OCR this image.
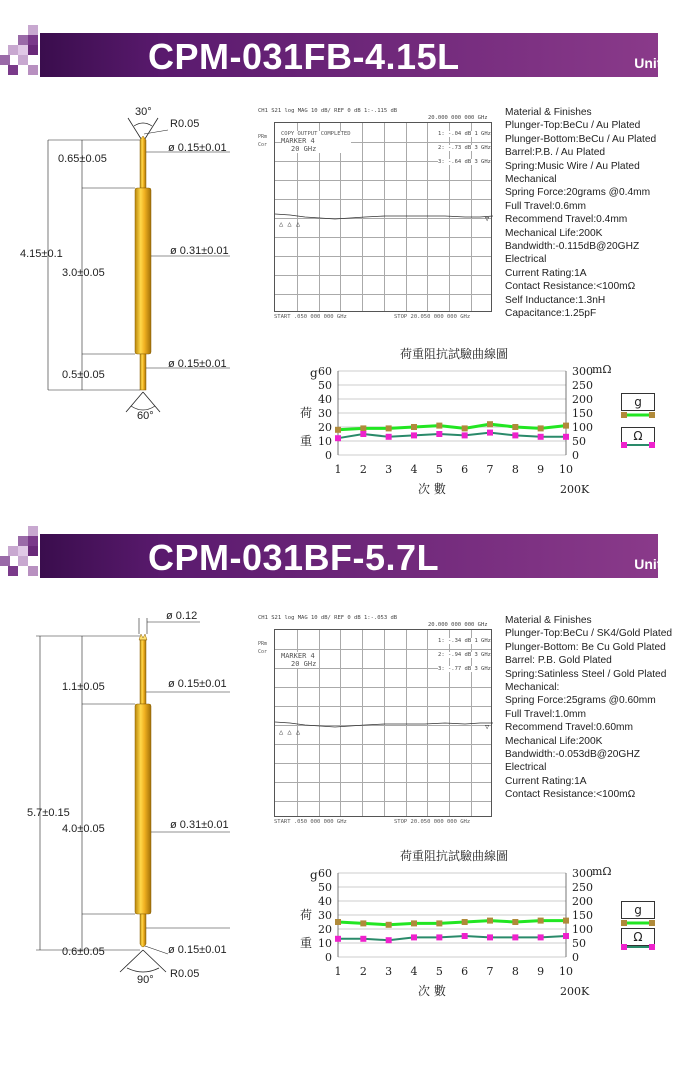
CPM-031FB-4.15L	Unit:mm
30°
R0.05
ø 0.15±0.01
0.65±0.05
ø 0.31±0.01
4.15±0.1
3.0±0.05
ø 0.15±0.01
0.5±0.05
60°
CH1 S21 log MAG 10 dB/ REF 0 dB 1:-.115 dB
20.000 000 000 GHz
PRm
Cor
△ △ △
▽
COPY OUTPUT COMPLETED
MARKER 4
20 GHz
1: -.04 dB 1 GHz
2: -.73 dB 3 GHz
3: -.64 dB 3 GHz
START .050 000 000 GHz	STOP 20.050 000 000 GHz
Material & Finishes
Plunger-Top:BeCu / Au Plated
Plunger-Bottom:BeCu / Au Plated
Barrel:P.B. / Au Plated
Spring:Music Wire / Au Plated
Mechanical
Spring Force:20grams @0.4mm
Full Travel:0.6mm
Recommend Travel:0.4mm
Mechanical Life:200K
Bandwidth:-0.115dB@20GHZ
Electrical
Current Rating:1A
Contact Resistance:<100mΩ
Self Inductance:1.3nH
Capacitance:1.25pF
荷重阻抗試驗曲線圖
0	0
10	50
20	100
30	150
40	200
50	250
60	300
1 2 3 4 5 6 7 8 9 10
g	mΩ
荷
重
次 數	200K
g
Ω
CPM-031BF-5.7L	Unit:mm
ø 0.12
ø 0.15±0.01
1.1±0.05
ø 0.31±0.01
5.7±0.15
4.0±0.05
ø 0.15±0.01
0.6±0.05
R0.05
90°
CH1 S21 log MAG 10 dB/ REF 0 dB 1:-.053 dB
20.000 000 000 GHz
PRm
Cor
△ △ △
▽
MARKER 4
20 GHz
1: -.34 dB 1 GHz
2: -.94 dB 3 GHz
3: -.77 dB 3 GHz
START .050 000 000 GHz	STOP 20.050 000 000 GHz
Material & Finishes
Plunger-Top:BeCu / SK4/Gold Plated
Plunger-Bottom: Be Cu Gold Plated
Barrel: P.B. Gold Plated
Spring:Satinless Steel / Gold Plated
Mechanical:
Spring Force:25grams @0.60mm
Full Travel:1.0mm
Recommend Travel:0.60mm
Mechanical Life:200K
Bandwidth:-0.053dB@20GHZ
Electrical
Current Rating:1A
Contact Resistance:<100mΩ
荷重阻抗試驗曲線圖
0	0
10	50
20	100
30	150
40	200
50	250
60	300
1 2 3 4 5 6 7 8 9 10
g	mΩ
荷
重
次 數	200K
g
Ω
